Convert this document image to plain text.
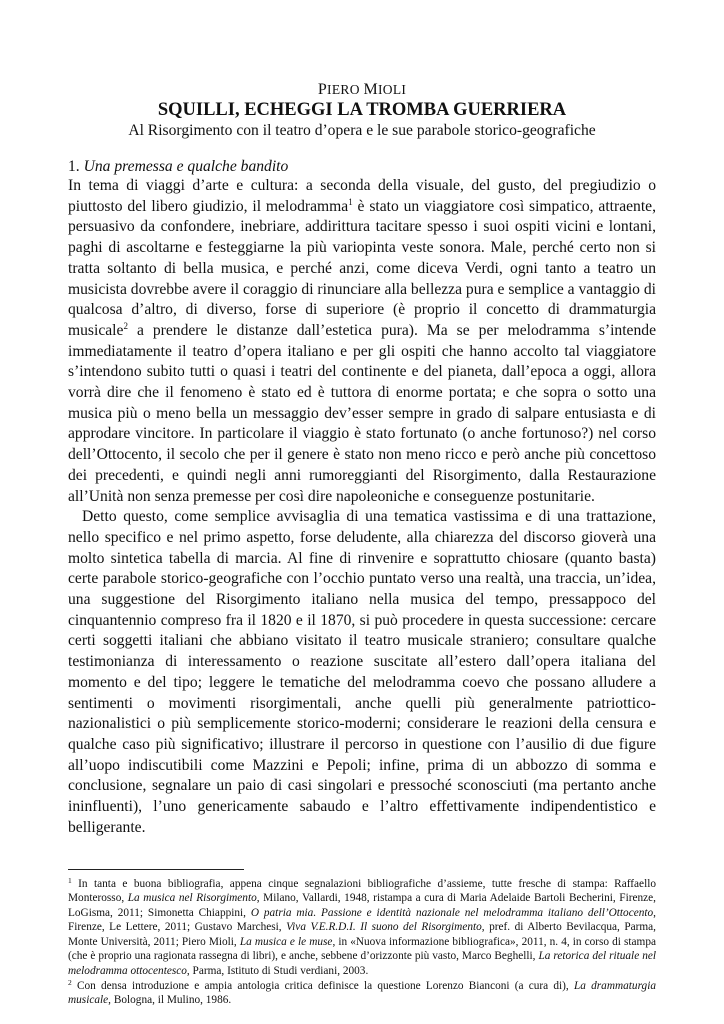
PIERO MIOLI
SQUILLI, ECHEGGI LA TROMBA GUERRIERA
Al Risorgimento con il teatro d’opera e le sue parabole storico-geografiche
1. Una premessa e qualche bandito

In tema di viaggi d’arte e cultura: a seconda della visuale, del gusto, del pregiudizio o piuttosto del libero giudizio, il melodramma$^1$ è stato un viaggiatore così simpatico, attraente, persuasivo da confondere, inebriare, addirittura tacitare spesso i suoi ospiti vicini e lontani, paghi di ascoltarne e festeggiarne la più variopinta veste sonora. Male, perché certo non si tratta soltanto di bella musica, e perché anzi, come diceva Verdi, ogni tanto a teatro un musicista dovrebbe avere il coraggio di rinunciare alla bellezza pura e semplice a vantaggio di qualcosa d’altro, di diverso, forse di superiore (è proprio il concetto di drammaturgia musicale$^2$ a prendere le distanze dall’estetica pura). Ma se per melodramma s’intende immediatamente il teatro d’opera italiano e per gli ospiti che hanno accolto tal viaggiatore s’intendono subito tutti o quasi i teatri del continente e del pianeta, dall’epoca a oggi, allora vorrà dire che il fenomeno è stato ed è tuttora di enorme portata; e che sopra o sotto una musica più o meno bella un messaggio dev’esser sempre in grado di salpare entusiasta e di approdare vincitore. In particolare il viaggio è stato fortunato (o anche fortunoso?) nel corso dell’Ottocento, il secolo che per il genere è stato non meno ricco e però anche più concettoso dei precedenti, e quindi negli anni rumoreggianti del Risorgimento, dalla Restaurazione all’Unità non senza premesse per così dire napoleoniche e conseguenze postunitarie.

Detto questo, come semplice avvisaglia di una tematica vastissima e di una trattazione, nello specifico e nel primo aspetto, forse deludente, alla chiarezza del discorso gioverà una molto sintetica tabella di marcia. Al fine di rinvenire e soprattutto chiosare (quanto basta) certe parabole storico-geografiche con l’occhio puntato verso una realtà, una traccia, un’idea, una suggestione del Risorgimento italiano nella musica del tempo, pressappoco del cinquantennio compreso fra il 1820 e il 1870, si può procedere in questa successione: cercare certi soggetti italiani che abbiano visitato il teatro musicale straniero; consultare qualche testimonianza di interessamento o reazione suscitate all’estero dall’opera italiana del momento e del tipo; leggere le tematiche del melodramma coevo che possano alludere a sentimenti o movimenti risorgimentali, anche quelli più generalmente patriottico-nazionalistici o più semplicemente storico-moderni; considerare le reazioni della censura e qualche caso più significativo; illustrare il percorso in questione con l’ausilio di due figure all’uopo indiscutibili come Mazzini e Pepoli; infine, prima di un abbozzo di somma e conclusione, segnalare un paio di casi singolari e pressoché sconosciuti (ma pertanto anche ininfluenti), l’uno genericamente sabaudo e l’altro effettivamente indipendentistico e belligerante.

$^1$ In tanta e buona bibliografia, appena cinque segnalazioni bibliografiche d’assieme, tutte fresche di stampa: Raffaello Monterosso, La musica nel Risorgimento, Milano, Vallardi, 1948, ristampa a cura di Maria Adelaide Bartoli Becherini, Firenze, LoGisma, 2011; Simonetta Chiappini, O patria mia. Passione e identità nazionale nel melodramma italiano dell’Ottocento, Firenze, Le Lettere, 2011; Gustavo Marchesi, Viva V.E.R.D.I. Il suono del Risorgimento, pref. di Alberto Bevilacqua, Parma, Monte Università, 2011; Piero Mioli, La musica e le muse, in «Nuova informazione bibliografica», 2011, n. 4, in corso di stampa (che è proprio una ragionata rassegna di libri), e anche, sebbene d’orizzonte più vasto, Marco Beghelli, La retorica del rituale nel melodramma ottocentesco, Parma, Istituto di Studi verdiani, 2003.

$^2$ Con densa introduzione e ampia antologia critica definisce la questione Lorenzo Bianconi (a cura di), La drammaturgia musicale, Bologna, il Mulino, 1986.
